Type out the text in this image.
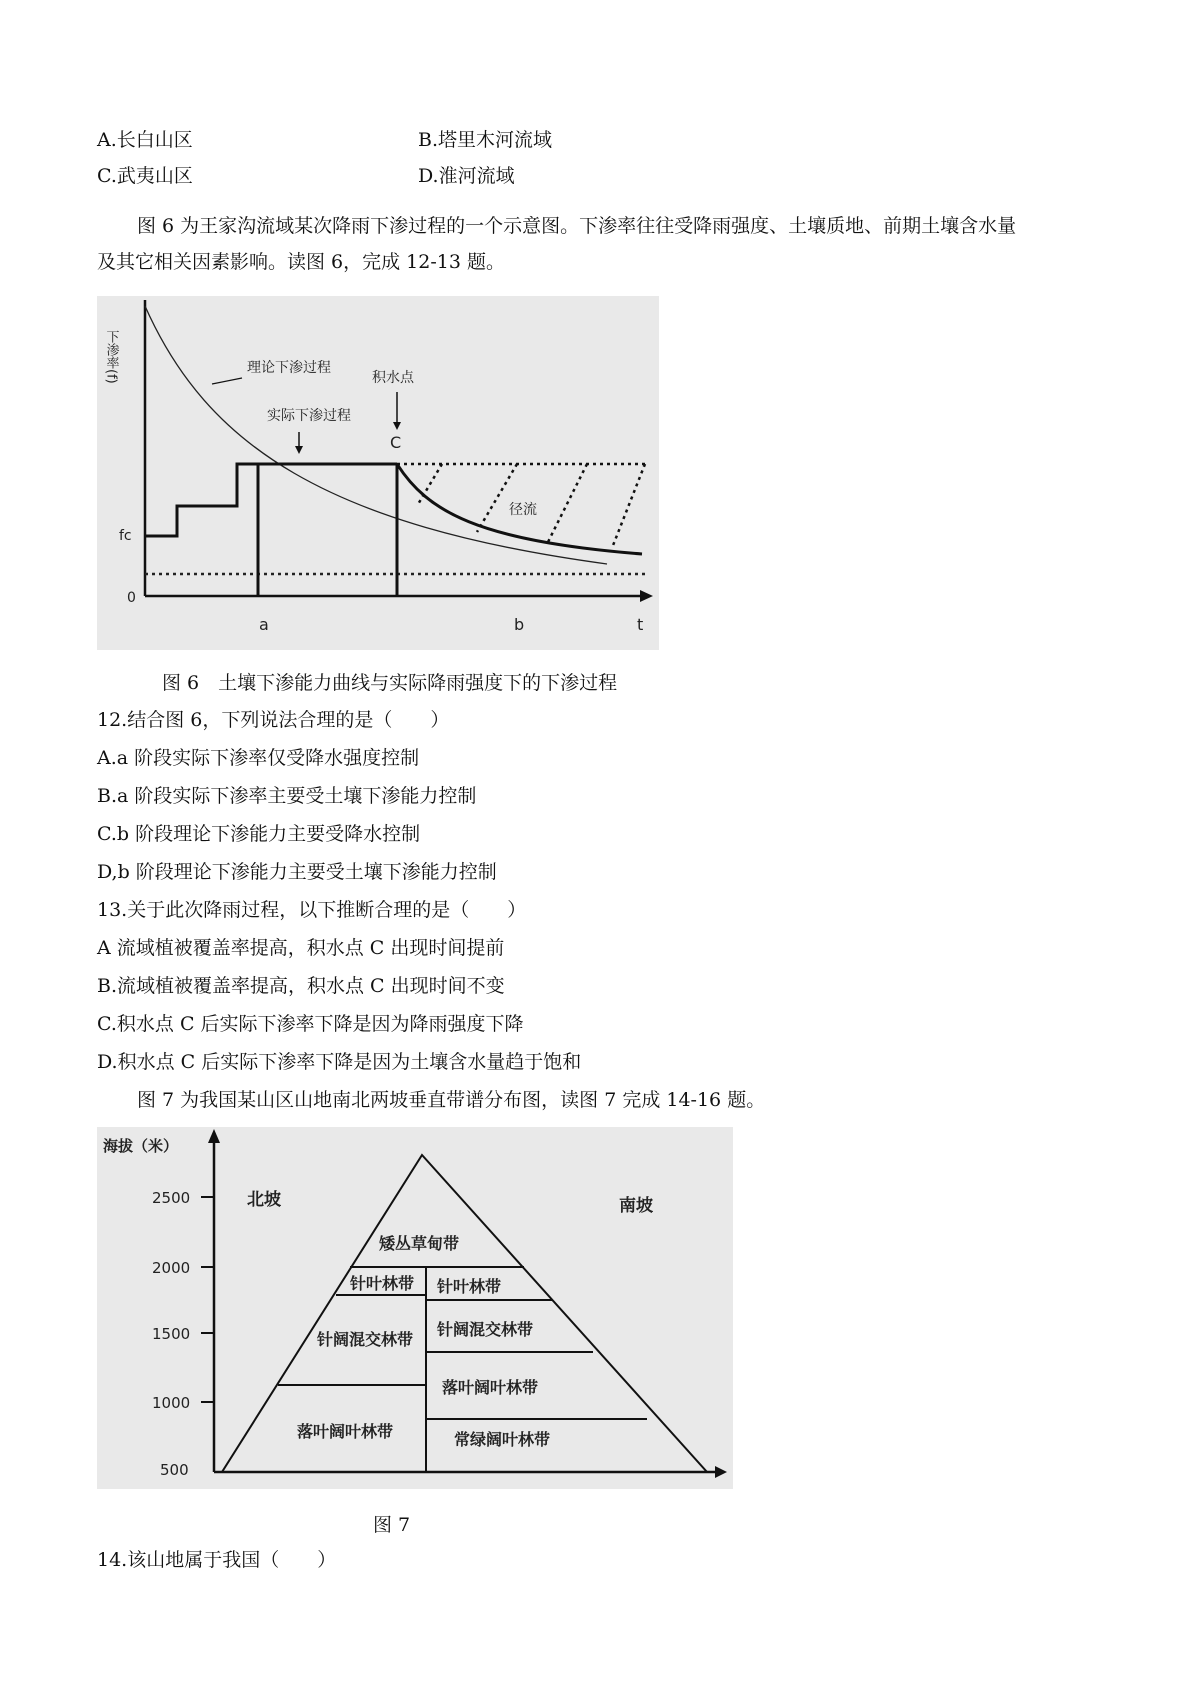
A.长白山区	B.塔里木河流域
C.武夷山区	D.淮河流域
图 6 为王家沟流域某次降雨下渗过程的一个示意图。下渗率往往受降雨强度、土壤质地、前期土壤含水量
及其它相关因素影响。读图 6，完成 12-13 题。
下渗率(f)
fc
0
理论下渗过程
实际下渗过程
积水点
C
径流
a	b	t
图 6　土壤下渗能力曲线与实际降雨强度下的下渗过程
12.结合图 6，下列说法合理的是（　　）
A.a 阶段实际下渗率仅受降水强度控制
B.a 阶段实际下渗率主要受土壤下渗能力控制
C.b 阶段理论下渗能力主要受降水控制
D,b 阶段理论下渗能力主要受土壤下渗能力控制
13.关于此次降雨过程，以下推断合理的是（　　）
A 流域植被覆盖率提高，积水点 C 出现时间提前
B.流域植被覆盖率提高，积水点 C 出现时间不变
C.积水点 C 后实际下渗率下降是因为降雨强度下降
D.积水点 C 后实际下渗率下降是因为土壤含水量趋于饱和
图 7 为我国某山区山地南北两坡垂直带谱分布图，读图 7 完成 14-16 题。
海拔（米）
2500
2000
1500
1000
500
北坡	南坡
矮丛草甸带
针叶林带
针阔混交林带
落叶阔叶林带
针叶林带
针阔混交林带
落叶阔叶林带
常绿阔叶林带
图 7
14.该山地属于我国（　　）
